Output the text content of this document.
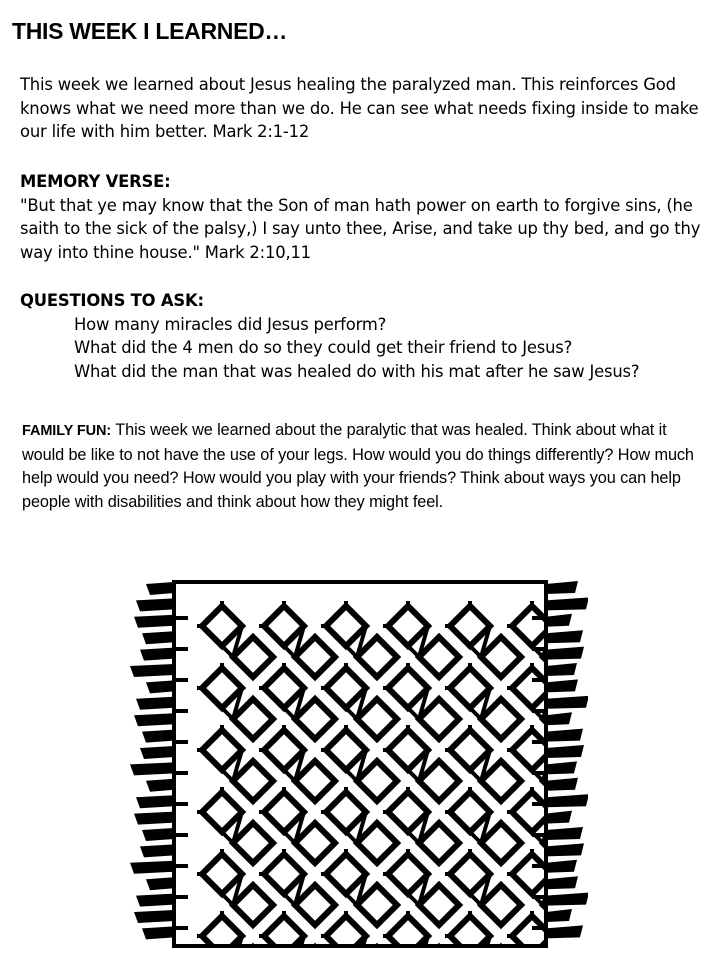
THIS WEEK I LEARNED…
This week we learned about Jesus healing the paralyzed man. This reinforces God knows what we need more than we do. He can see what needs fixing inside to make our life with him better. Mark 2:1-12
MEMORY VERSE:
"But that ye may know that the Son of man hath power on earth to forgive sins, (he saith to the sick of the palsy,) I say unto thee, Arise, and take up thy bed, and go thy way into thine house." Mark 2:10,11
QUESTIONS TO ASK:
How many miracles did Jesus perform?
What did the 4 men do so they could get their friend to Jesus?
What did the man that was healed do with his mat after he saw Jesus?
FAMILY FUN: This week we learned about the paralytic that was healed. Think about what it would be like to not have the use of your legs. How would you do things differently? How much help would you need? How would you play with your friends? Think about ways you can help people with disabilities and think about how they might feel.
